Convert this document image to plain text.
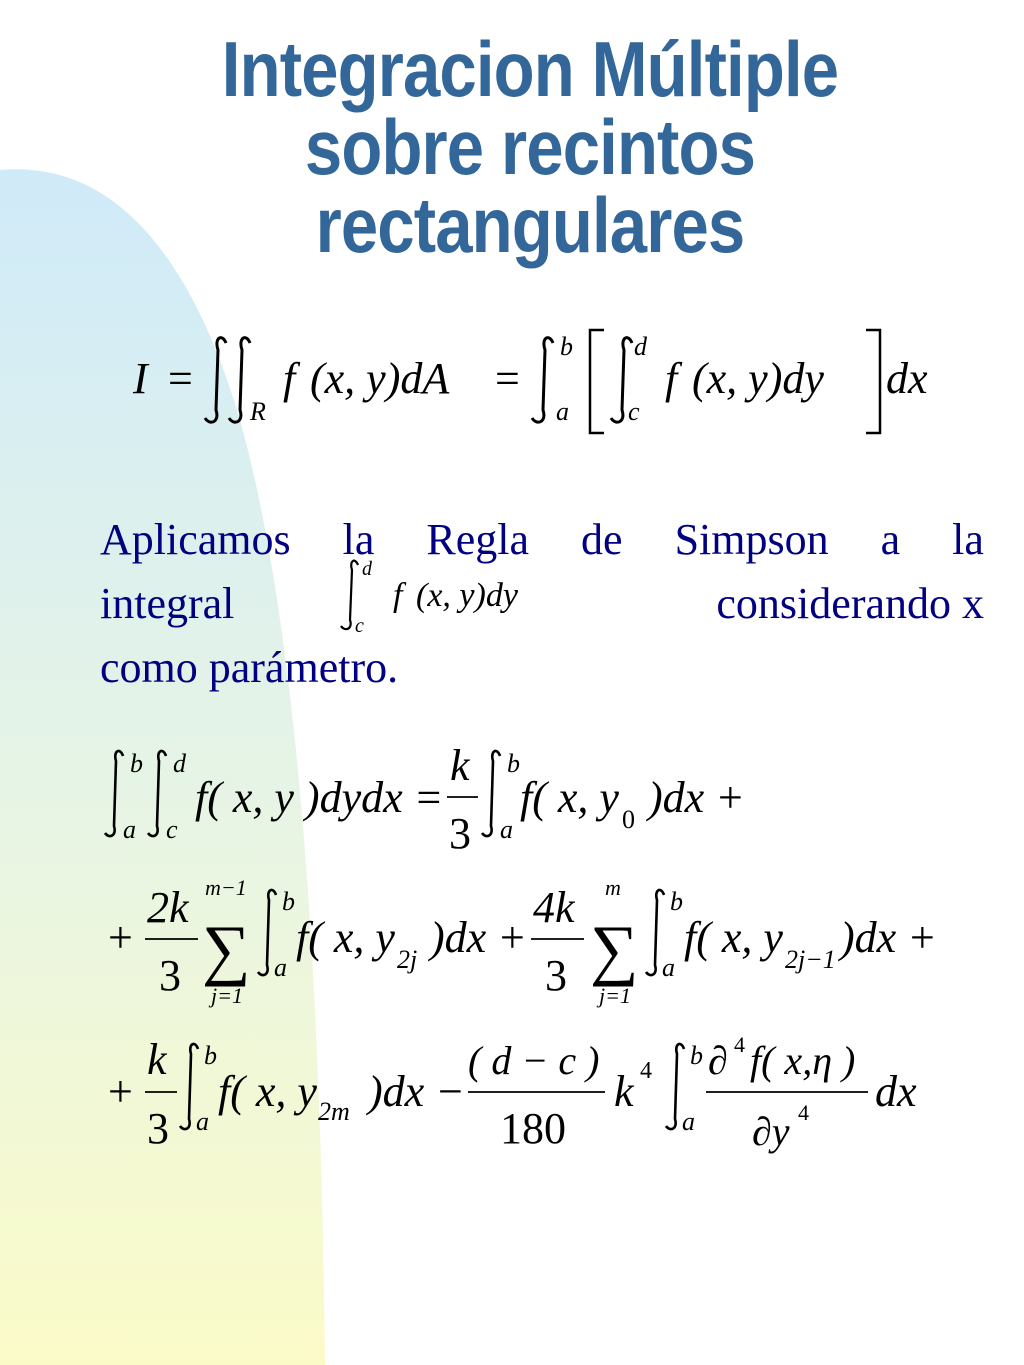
Integracion Múltiple
sobre recintos
rectangulares
I =
R
f (x, y)dA =
b
a
d
c
f (x, y)dy dx
d
c
f (x, y)dy
b
a
d
c
f( x, y )dydx =
k
3
b
a
f( x, y 0 )dx +
+
2k
3
m−1
∑
j=1
b
a
f( x, y 2j )dx +
4k
3
m
∑
j=1
b
a
f( x, y 2j−1 )dx +
+
k
3
b
a
f( x, y 2m )dx −
( d − c )
180
k 4
b
a
∂ 4 f( x,η )
∂y 4 dx
Aplicamos la Regla de Simpson a la
integral	considerando x
como parámetro.
